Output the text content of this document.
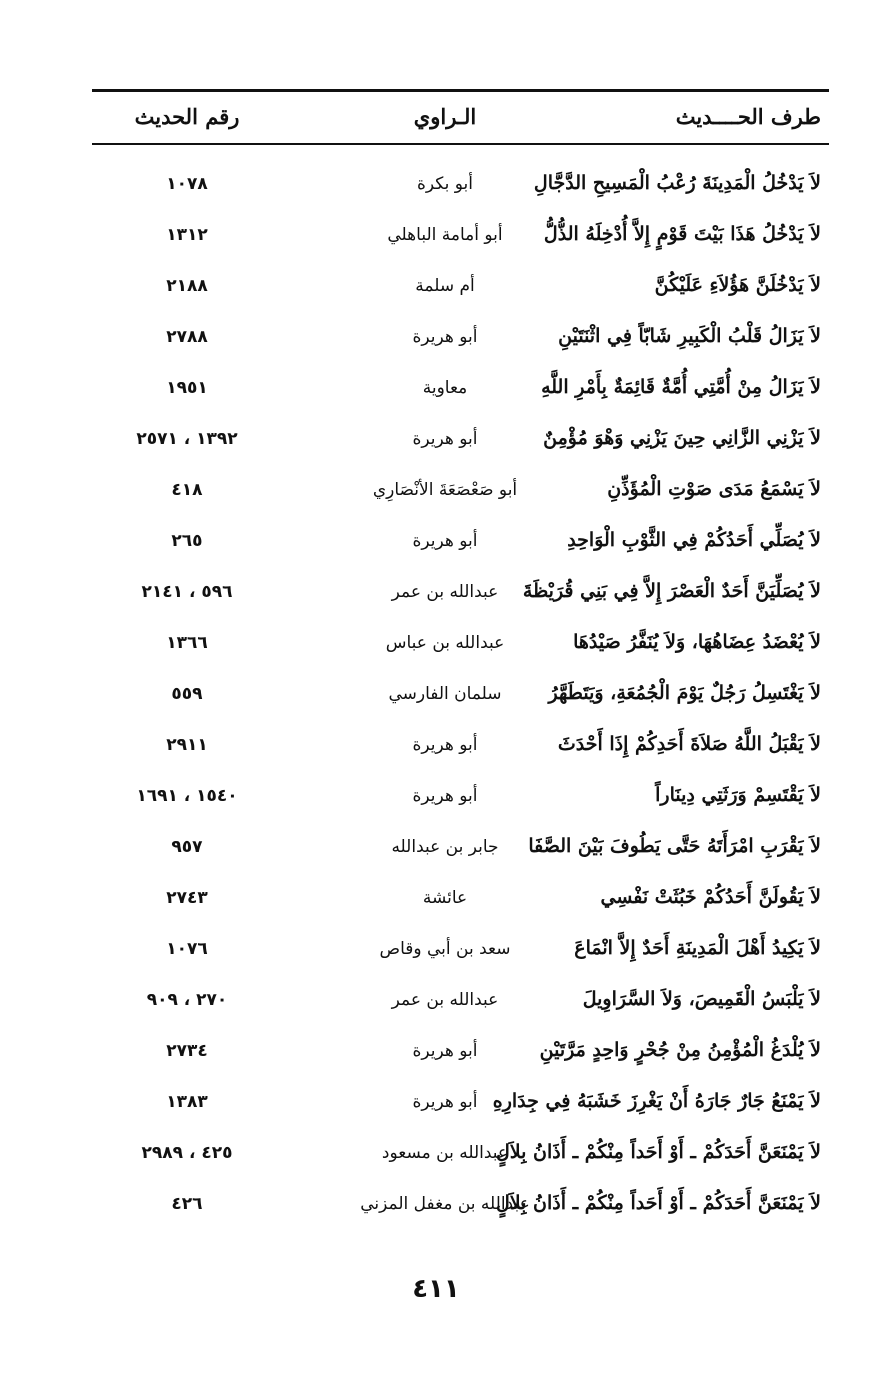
طرف الحــــديث
الـراوي
رقم الحديث
لاَ يَدْخُلُ الْمَدِينَةَ رُعْبُ الْمَسِيحِ الدَّجَّالِ
أبو بكرة
١٠٧٨
لاَ يَدْخُلُ هَذَا بَيْتَ قَوْمٍ إِلاَّ أُدْخِلَهُ الذُّلُّ
أبو أمامة الباهلي
١٣١٢
لاَ يَدْخُلَنَّ هَؤُلاَءِ عَلَيْكُنَّ
أم سلمة
٢١٨٨
لاَ يَزَالُ قَلْبُ الْكَبِيرِ شَابّاً فِي اثْنَتَيْنِ
أبو هريرة
٢٧٨٨
لاَ يَزَالُ مِنْ أُمَّتِي أُمَّةٌ قَائِمَةٌ بِأَمْرِ اللَّهِ
معاوية
١٩٥١
لاَ يَزْنِي الزَّانِي حِينَ يَزْنِي وَهْوَ مُؤْمِنٌ
أبو هريرة
١٣٩٢ ، ٢٥٧١
لاَ يَسْمَعُ مَدَى صَوْتِ الْمُؤَذِّنِ
أبو صَعْصَعَةَ الأنْصَارِي
٤١٨
لاَ يُصَلِّي أَحَدُكُمْ فِي الثَّوْبِ الْوَاحِدِ
أبو هريرة
٢٦٥
لاَ يُصَلِّيَنَّ أَحَدٌ الْعَصْرَ إِلاَّ فِي بَنِي قُرَيْظَةَ
عبدالله بن عمر
٥٩٦ ، ٢١٤١
لاَ يُعْضَدُ عِضَاهُهَا، وَلاَ يُنَفَّرُ صَيْدُهَا
عبدالله بن عباس
١٣٦٦
لاَ يَغْتَسِلُ رَجُلٌ يَوْمَ الْجُمُعَةِ، وَيَتَطَهَّرُ
سلمان الفارسي
٥٥٩
لاَ يَقْبَلُ اللَّهُ صَلاَةَ أَحَدِكُمْ إِذَا أَحْدَثَ
أبو هريرة
٢٩١١
لاَ يَقْتَسِمْ وَرَثَتِي دِينَاراً
أبو هريرة
١٥٤٠ ، ١٦٩١
لاَ يَقْرَبِ امْرَأَتَهُ حَتَّى يَطُوفَ بَيْنَ الصَّفَا
جابر بن عبدالله
٩٥٧
لاَ يَقُولَنَّ أَحَدُكُمْ خَبُثَتْ نَفْسِي
عائشة
٢٧٤٣
لاَ يَكِيدُ أَهْلَ الْمَدِينَةِ أَحَدٌ إِلاَّ انْمَاعَ
سعد بن أبي وقاص
١٠٧٦
لاَ يَلْبَسُ الْقَمِيصَ، وَلاَ السَّرَاوِيلَ
عبدالله بن عمر
٢٧٠ ، ٩٠٩
لاَ يُلْدَغُ الْمُؤْمِنُ مِنْ جُحْرٍ وَاحِدٍ مَرَّتَيْنِ
أبو هريرة
٢٧٣٤
لاَ يَمْنَعُ جَارٌ جَارَهُ أَنْ يَغْرِزَ خَشَبَهُ فِي جِدَارِهِ
أبو هريرة
١٣٨٣
لاَ يَمْنَعَنَّ أَحَدَكُمْ ـ أَوْ أَحَداً مِنْكُمْ ـ أَذَانُ بِلاَلٍ
عبدالله بن مسعود
٤٢٥ ، ٢٩٨٩
لاَ يَمْنَعَنَّ أَحَدَكُمْ ـ أَوْ أَحَداً مِنْكُمْ ـ أَذَانُ بِلاَلٍ
عبدالله بن مغفل المزني
٤٢٦
٤١١
